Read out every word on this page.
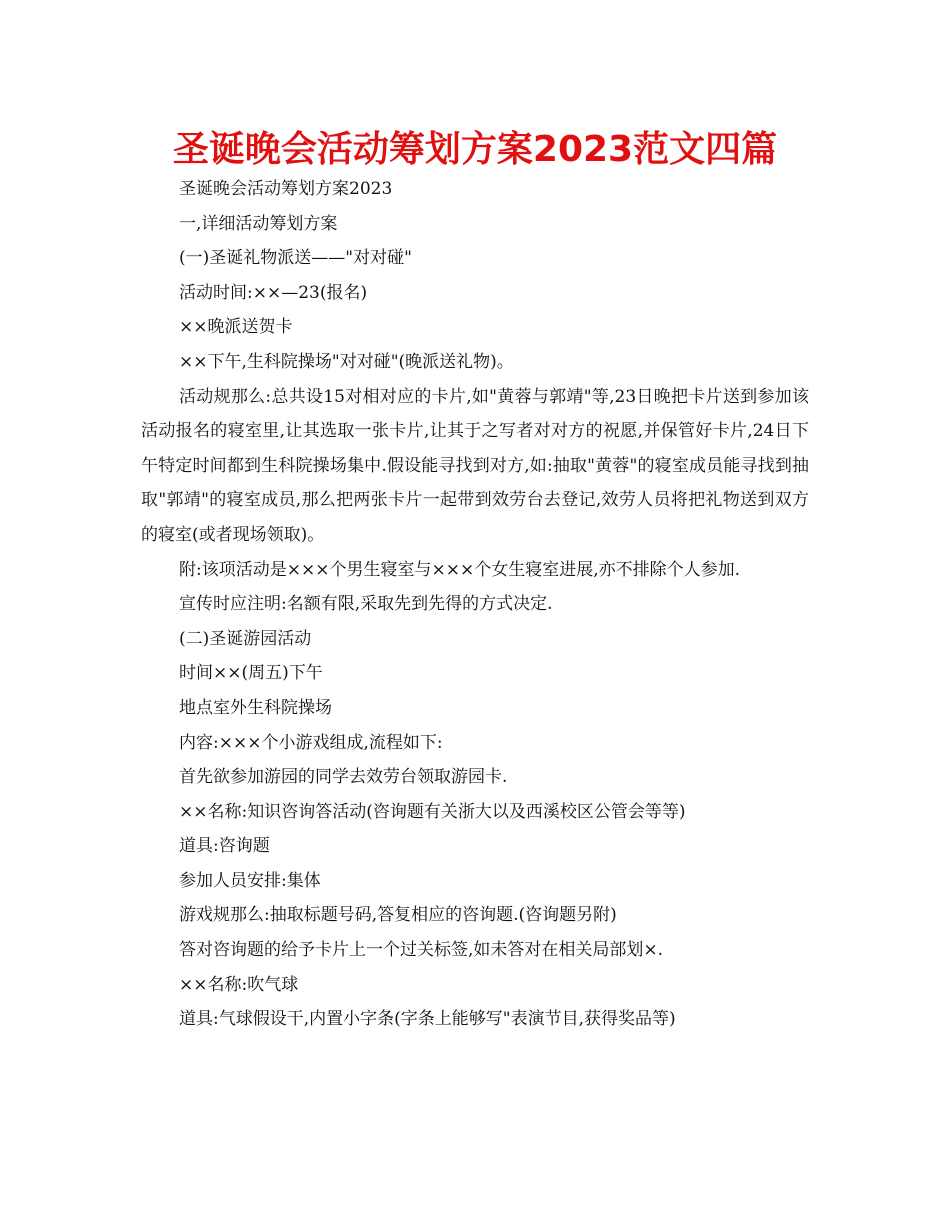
圣诞晚会活动筹划方案2023范文四篇

圣诞晚会活动筹划方案2023

一,详细活动筹划方案

(一)圣诞礼物派送——"对对碰"

活动时间:××—23(报名)

××晚派送贺卡

××下午,生科院操场"对对碰"(晚派送礼物)。

活动规那么:总共设15对相对应的卡片,如"黄蓉与郭靖"等,23日晚把卡片送到参加该活动报名的寝室里,让其选取一张卡片,让其于之写者对对方的祝愿,并保管好卡片,24日下午特定时间都到生科院操场集中.假设能寻找到对方,如:抽取"黄蓉"的寝室成员能寻找到抽取"郭靖"的寝室成员,那么把两张卡片一起带到效劳台去登记,效劳人员将把礼物送到双方的寝室(或者现场领取)。

附:该项活动是×××个男生寝室与×××个女生寝室进展,亦不排除个人参加.

宣传时应注明:名额有限,采取先到先得的方式决定.

(二)圣诞游园活动

时间××(周五)下午

地点室外生科院操场

内容:×××个小游戏组成,流程如下:

首先欲参加游园的同学去效劳台领取游园卡.

××名称:知识咨询答活动(咨询题有关浙大以及西溪校区公管会等等)

道具:咨询题

参加人员安排:集体

游戏规那么:抽取标题号码,答复相应的咨询题.(咨询题另附)

答对咨询题的给予卡片上一个过关标签,如未答对在相关局部划×.

××名称:吹气球

道具:气球假设干,内置小字条(字条上能够写"表演节目,获得奖品等)
